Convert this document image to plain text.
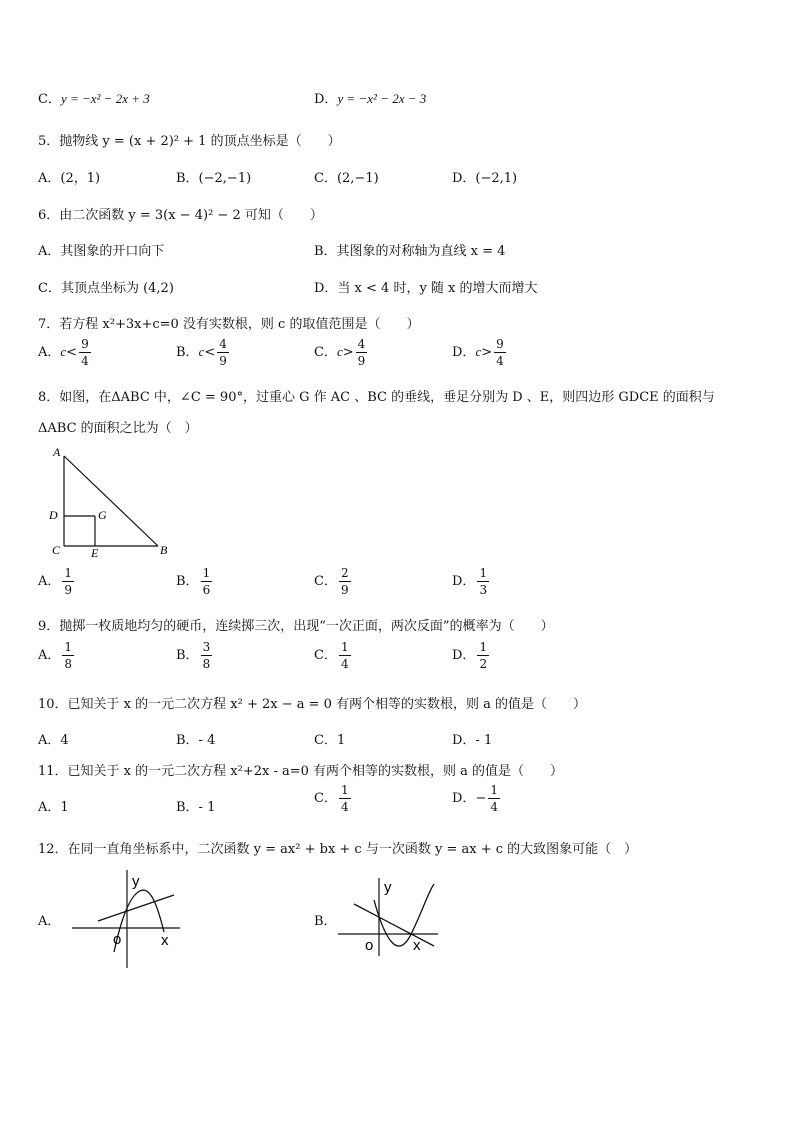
C．y = −x² − 2x + 3	D．y = −x² − 2x − 3
5．抛物线 y = (x + 2)² + 1 的顶点坐标是（　　）
A．(2，1)	B．(−2,−1)	C．(2,−1)	D．(−2,1)
6．由二次函数 y = 3(x − 4)² − 2 可知（　　）
A．其图象的开口向下	B．其图象的对称轴为直线 x = 4
C．其顶点坐标为 (4,2)	D．当 x < 4 时，y 随 x 的增大而增大
7．若方程 x²+3x+c=0 没有实数根，则 c 的取值范围是（　　）
A．$c< \frac{9}{4}$	B．$c< \frac{4}{9}$	C．$c> \frac{4}{9}$	D．$c> \frac{9}{4}$
8．如图，在ΔABC 中，∠C = 90°，过重心 G 作 AC 、BC 的垂线，垂足分别为 D 、E，则四边形 GDCE 的面积与
ΔABC 的面积之比为（　）
A
D	G
C	E	B
A． $\frac{1}{9}$	B． $\frac{1}{6}$	C． $\frac{2}{9}$	D． $\frac{1}{3}$
9．抛掷一枚质地均匀的硬币，连续掷三次，出现“一次正面，两次反面”的概率为（　　）
A． $\frac{1}{8}$	B． $\frac{3}{8}$	C． $\frac{1}{4}$	D． $\frac{1}{2}$
10．已知关于 x 的一元二次方程 x² + 2x − a = 0 有两个相等的实数根，则 a 的值是（　　）
A．4	B．- 4	C．1	D．- 1
11．已知关于 x 的一元二次方程 x²+2x - a=0 有两个相等的实数根，则 a 的值是（　　）
A．1	B．- 1
C． $\frac{1}{4}$	D．− $\frac{1}{4}$
12．在同一直角坐标系中，二次函数 y = ax² + bx + c 与一次函数 y = ax + c 的大致图象可能（　）
A．
y
o	x
B．
y
o	x
